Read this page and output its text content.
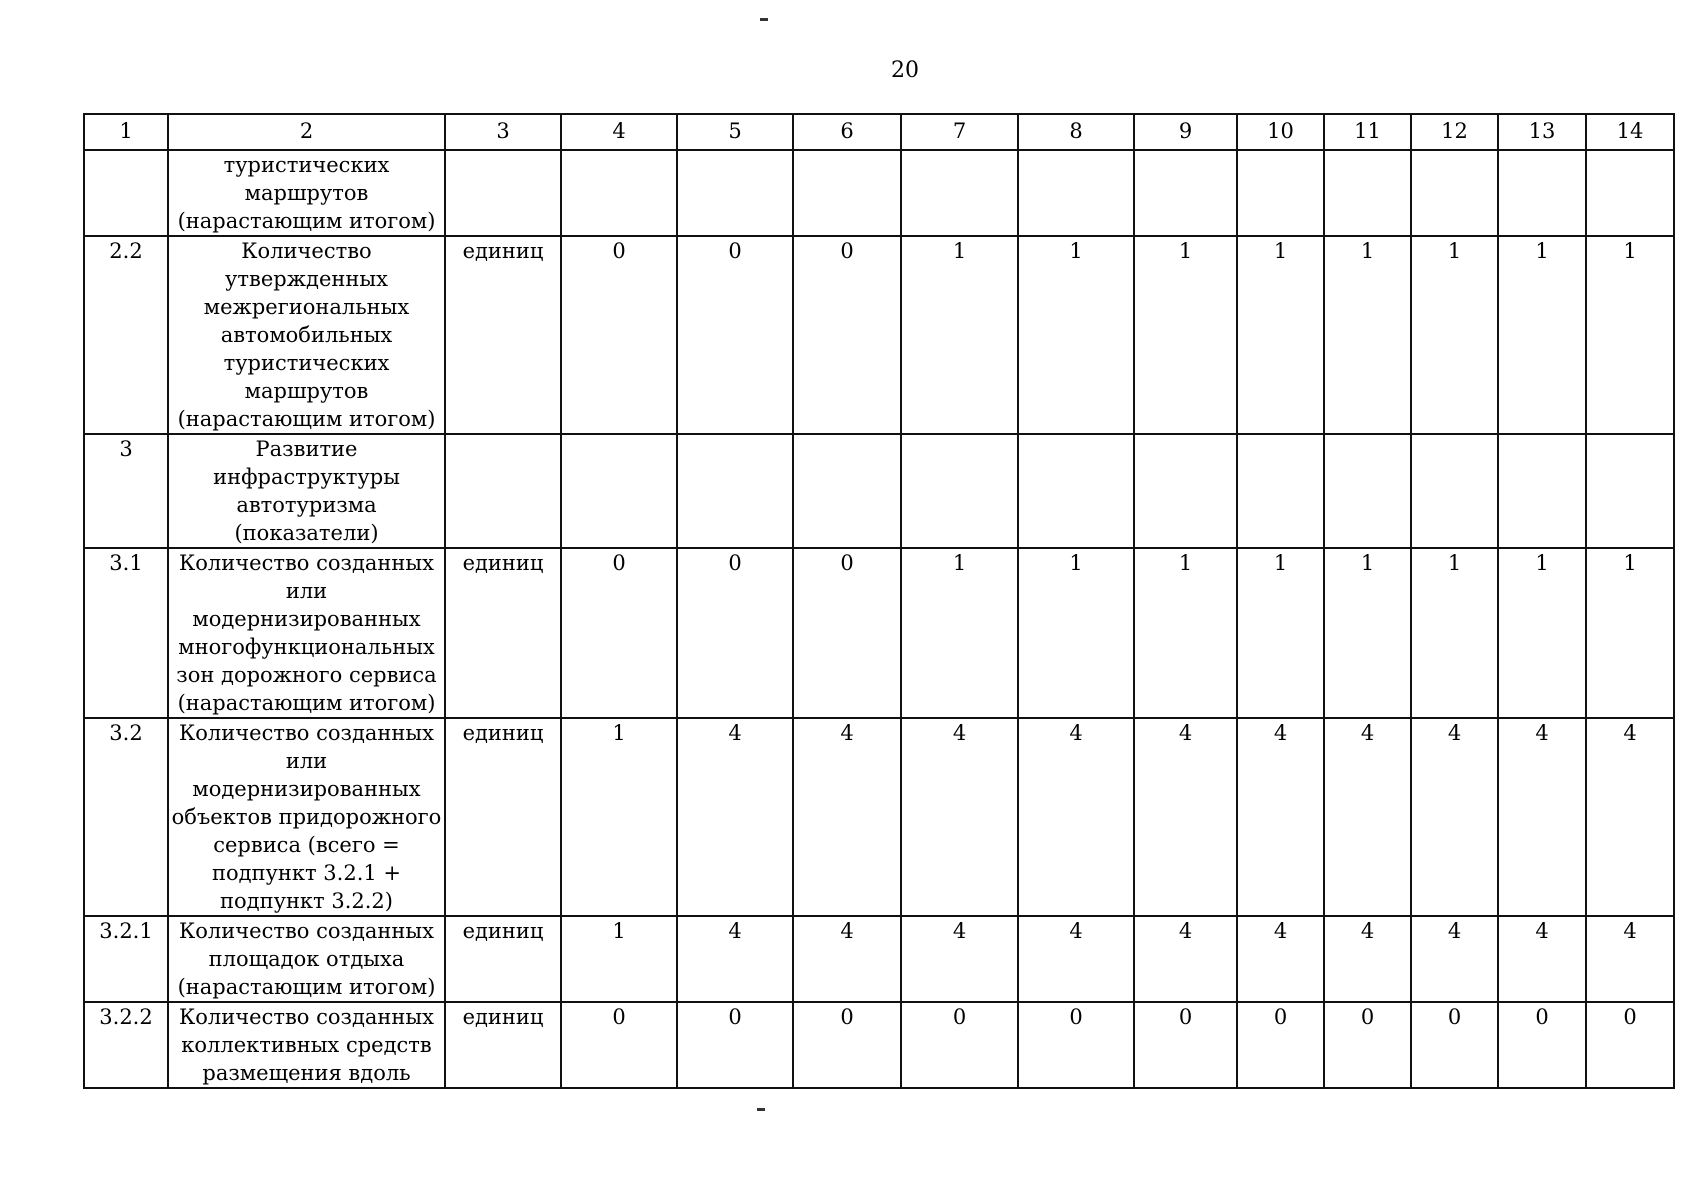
20
1	2	3	4	5	6	7	8	9	10	11	12	13	14
	туристических маршрутов (нарастающим итогом)												
2.2	Количество утвержденных межрегиональных автомобильных туристических маршрутов (нарастающим итогом)	единиц	0	0	0	1	1	1	1	1	1	1	1
3	Развитие инфраструктуры автотуризма (показатели)												
3.1	Количество созданных или модернизированных многофункциональных зон дорожного сервиса (нарастающим итогом)	единиц	0	0	0	1	1	1	1	1	1	1	1
3.2	Количество созданных или модернизированных объектов придорожного сервиса (всего = подпункт 3.2.1 + подпункт 3.2.2)	единиц	1	4	4	4	4	4	4	4	4	4	4
3.2.1	Количество созданных площадок отдыха (нарастающим итогом)	единиц	1	4	4	4	4	4	4	4	4	4	4
3.2.2	Количество созданных коллективных средств размещения вдоль	единиц	0	0	0	0	0	0	0	0	0	0	0
